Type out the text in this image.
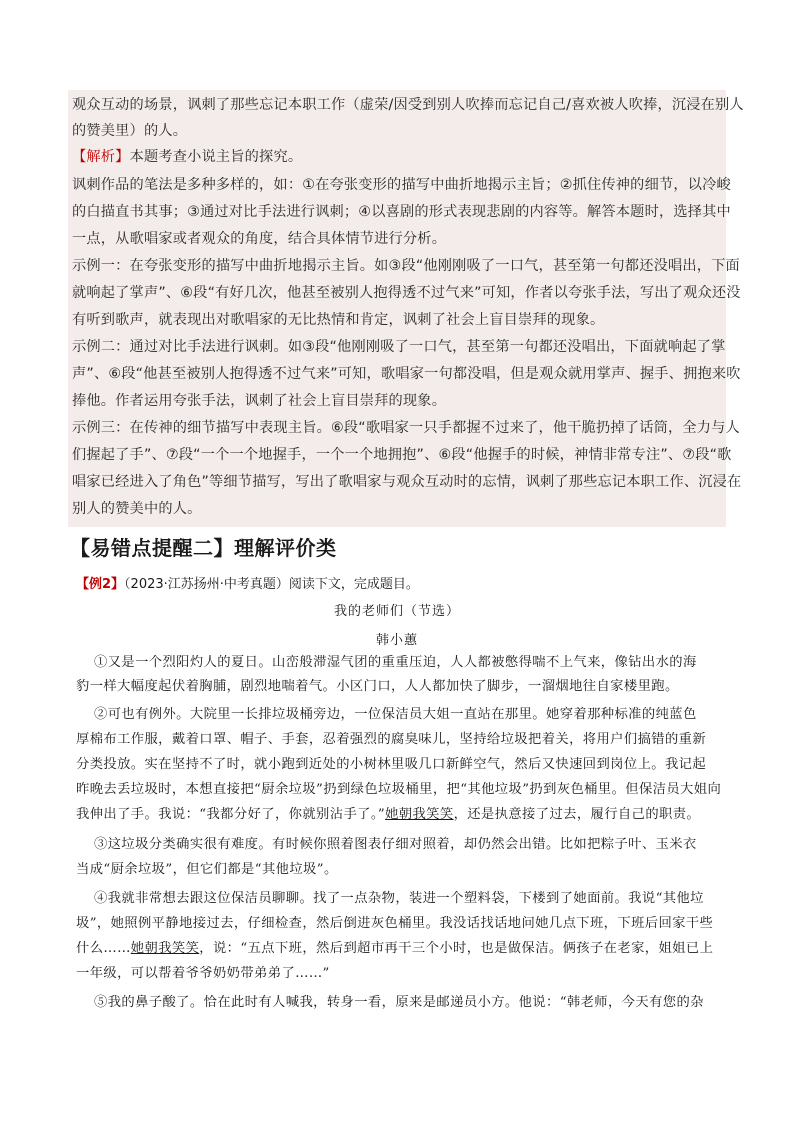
观众互动的场景，讽刺了那些忘记本职工作（虚荣/因受到别人吹捧而忘记自己/喜欢被人吹捧，沉浸在别人

的赞美里）的人。

【解析】本题考查小说主旨的探究。

讽刺作品的笔法是多种多样的，如：①在夸张变形的描写中曲折地揭示主旨；②抓住传神的细节，以冷峻

的白描直书其事；③通过对比手法进行讽刺；④以喜剧的形式表现悲剧的内容等。解答本题时，选择其中

一点，从歌唱家或者观众的角度，结合具体情节进行分析。

示例一：在夸张变形的描写中曲折地揭示主旨。如③段“他刚刚吸了一口气，甚至第一句都还没唱出，下面

就响起了掌声”、⑥段“有好几次，他甚至被别人抱得透不过气来”可知，作者以夸张手法，写出了观众还没

有听到歌声，就表现出对歌唱家的无比热情和肯定，讽刺了社会上盲目崇拜的现象。

示例二：通过对比手法进行讽刺。如③段“他刚刚吸了一口气，甚至第一句都还没唱出，下面就响起了掌

声”、⑥段“他甚至被别人抱得透不过气来”可知，歌唱家一句都没唱，但是观众就用掌声、握手、拥抱来吹

捧他。作者运用夸张手法，讽刺了社会上盲目崇拜的现象。

示例三：在传神的细节描写中表现主旨。⑥段“歌唱家一只手都握不过来了，他干脆扔掉了话筒，全力与人

们握起了手”、⑦段“一个一个地握手，一个一个地拥抱”、⑥段“他握手的时候，神情非常专注”、⑦段“歌

唱家已经进入了角色”等细节描写，写出了歌唱家与观众互动时的忘情，讽刺了那些忘记本职工作、沉浸在

别人的赞美中的人。

【易错点提醒二】理解评价类
【例2】（2023·江苏扬州·中考真题）阅读下文，完成题目。
我的老师们（节选）
韩小蕙
①又是一个烈阳灼人的夏日。山峦般滞湿气团的重重压迫，人人都被憋得喘不上气来，像钻出水的海
豹一样大幅度起伏着胸脯，剧烈地喘着气。小区门口，人人都加快了脚步，一溜烟地往自家楼里跑。
②可也有例外。大院里一长排垃圾桶旁边，一位保洁员大姐一直站在那里。她穿着那种标准的纯蓝色
厚棉布工作服，戴着口罩、帽子、手套，忍着强烈的腐臭味儿，坚持给垃圾把着关，将用户们搞错的重新
分类投放。实在坚持不了时，就小跑到近处的小树林里吸几口新鲜空气，然后又快速回到岗位上。我记起
昨晚去丢垃圾时，本想直接把“厨余垃圾”扔到绿色垃圾桶里，把“其他垃圾”扔到灰色桶里。但保洁员大姐向
我伸出了手。我说：“我都分好了，你就别沾手了。”她朝我笑笑，还是执意接了过去，履行自己的职责。
③这垃圾分类确实很有难度。有时候你照着图表仔细对照着，却仍然会出错。比如把粽子叶、玉米衣
当成“厨余垃圾”，但它们都是“其他垃圾”。
④我就非常想去跟这位保洁员聊聊。找了一点杂物，装进一个塑料袋，下楼到了她面前。我说“其他垃
圾”，她照例平静地接过去，仔细检查，然后倒进灰色桶里。我没话找话地问她几点下班，下班后回家干些
什么……她朝我笑笑，说：“五点下班，然后到超市再干三个小时，也是做保洁。俩孩子在老家，姐姐已上
一年级，可以帮着爷爷奶奶带弟弟了……”
⑤我的鼻子酸了。恰在此时有人喊我，转身一看，原来是邮递员小方。他说：“韩老师，今天有您的杂
